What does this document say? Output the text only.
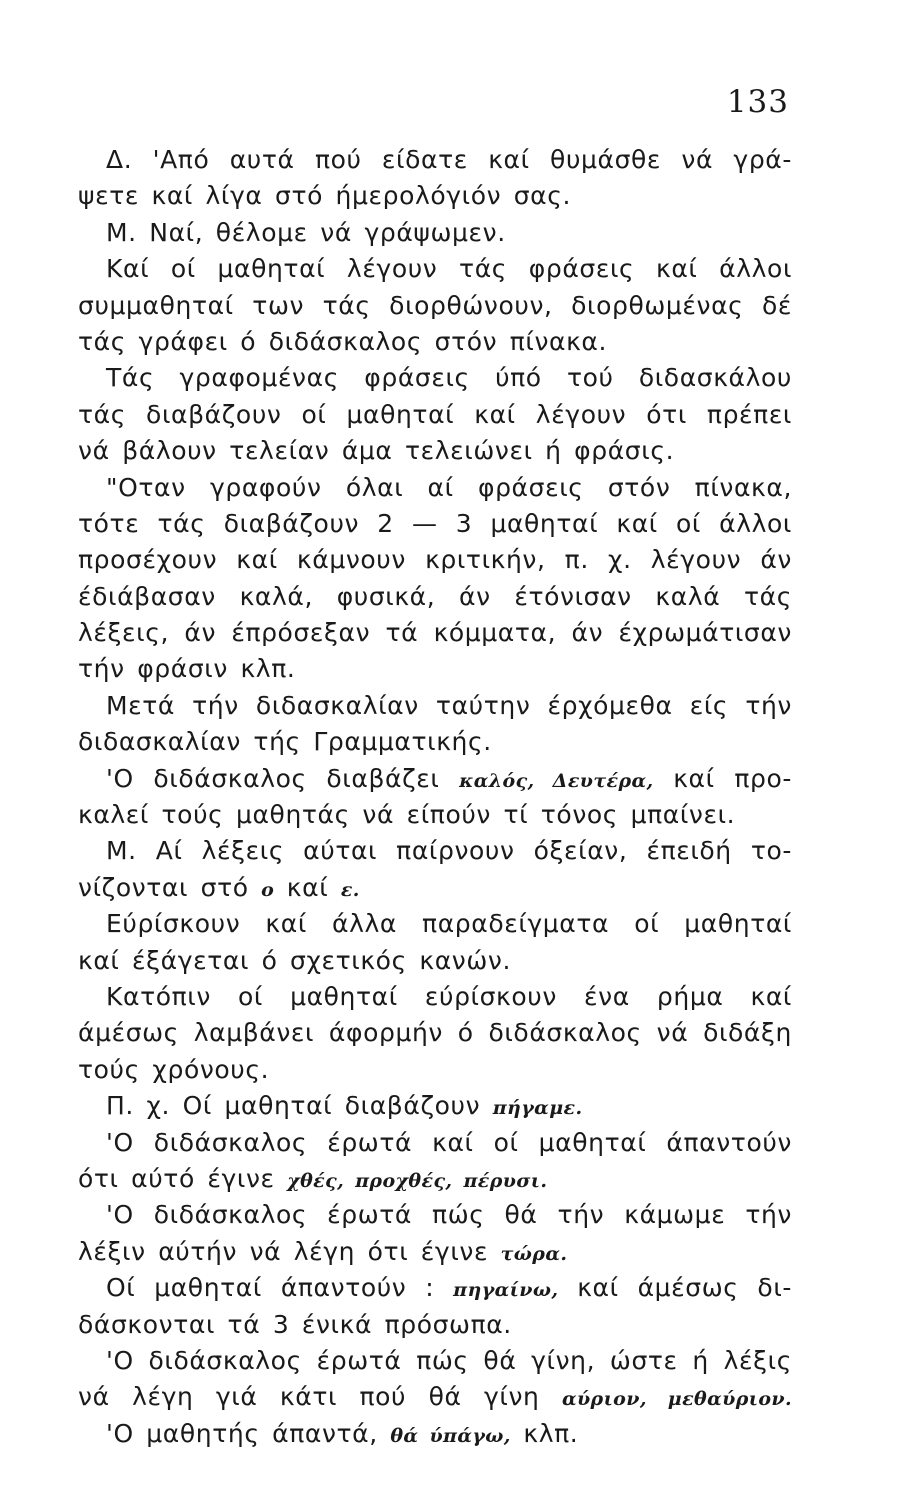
133
Δ. 'Από αυτά πού είδατε καί θυμάσθε νά γρά-
ψετε καί λίγα στό ήμερολόγιόν σας.
Μ. Ναί, θέλομε νά γράψωμεν.
Καί οί μαθηταί λέγουν τάς φράσεις καί άλλοι
συμμαθηταί των τάς διορθώνουν, διορθωμένας δέ
τάς γράφει ό διδάσκαλος στόν πίνακα.
Τάς γραφομένας φράσεις ύπό τού διδασκάλου
τάς διαβάζουν οί μαθηταί καί λέγουν ότι πρέπει
νά βάλουν τελείαν άμα τελειώνει ή φράσις.
"Οταν γραφούν όλαι αί φράσεις στόν πίνακα,
τότε τάς διαβάζουν 2 — 3 μαθηταί καί οί άλλοι
προσέχουν καί κάμνουν κριτικήν, π. χ. λέγουν άν
έδιάβασαν καλά, φυσικά, άν έτόνισαν καλά τάς
λέξεις, άν έπρόσεξαν τά κόμματα, άν έχρωμάτισαν
τήν φράσιν κλπ.
Μετά τήν διδασκαλίαν ταύτην έρχόμεθα είς τήν
διδασκαλίαν τής Γραμματικής.
'Ο διδάσκαλος διαβάζει καλός, Δευτέρα, καί προ-
καλεί τούς μαθητάς νά είπούν τί τόνος μπαίνει.
Μ. Αί λέξεις αύται παίρνουν όξείαν, έπειδή το-
νίζονται στό ο καί ε.
Εύρίσκουν καί άλλα παραδείγματα οί μαθηταί
καί έξάγεται ό σχετικός κανών.
Κατόπιν οί μαθηταί εύρίσκουν ένα ρήμα καί
άμέσως λαμβάνει άφορμήν ό διδάσκαλος νά διδάξη
τούς χρόνους.
Π. χ. Οί μαθηταί διαβάζουν πήγαμε.
'Ο διδάσκαλος έρωτά καί οί μαθηταί άπαντούν
ότι αύτό έγινε χθές, προχθές, πέρυσι.
'Ο διδάσκαλος έρωτά πώς θά τήν κάμωμε τήν
λέξιν αύτήν νά λέγη ότι έγινε τώρα.
Οί μαθηταί άπαντούν : πηγαίνω, καί άμέσως δι-
δάσκονται τά 3 ένικά πρόσωπα.
'Ο διδάσκαλος έρωτά πώς θά γίνη, ώστε ή λέξις
νά λέγη γιά κάτι πού θά γίνη αύριον, μεθαύριον.
'Ο μαθητής άπαντά, θά ύπάγω, κλπ.
